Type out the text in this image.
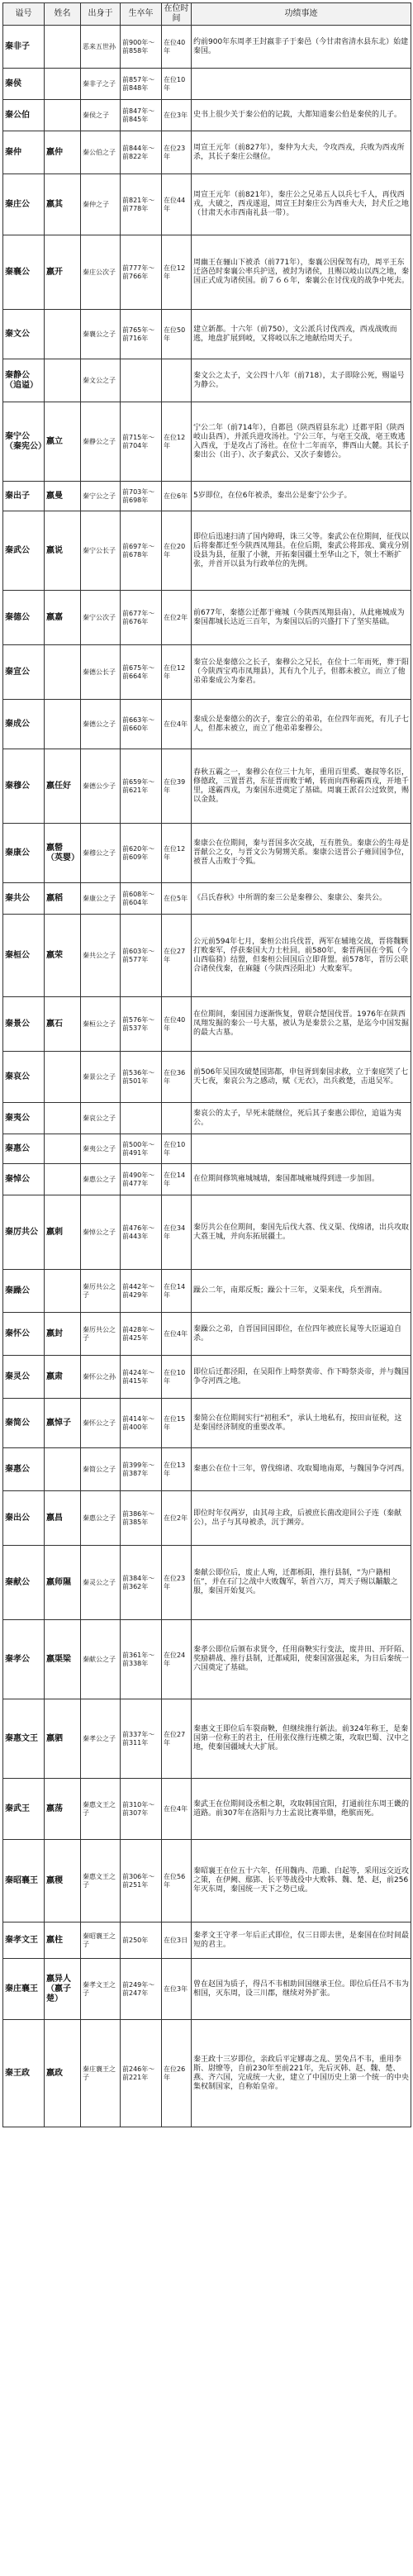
谥号	姓名	出身于	生卒年	在位时间	功绩事迹
秦非子		恶来五世孙	前900年～前858年	在位40年	约前900年东周孝王封嬴非子于秦邑（今甘肃省清水县东北）始建秦国。
秦侯		秦非子之子	前857年～前848年	在位10年	
秦公伯		秦侯之子	前847年～前845年	在位3年	史书上很少关于秦公伯的记载，大都知道秦公伯是秦侯的儿子。
秦仲	嬴仲	秦公伯之子	前844年～前822年	在位23年	周宣王元年（前827年），秦仲为大夫，令攻西戎，兵败为西戎所杀，其长子秦庄公继位。
秦庄公	嬴其	秦仲之子	前821年～前778年	在位44年	周宣王元年（前821年），秦庄公之兄弟五人以兵七千人，再伐西戎，大破之，西戎遂退，周宣王封秦庄公为西垂大夫，封犬丘之地（甘肃天水市西南礼县一带）。
秦襄公	嬴开	秦庄公次子	前777年～前766年	在位12年	周幽王在骊山下被杀（前771年），秦襄公因保驾有功，周平王东迁洛邑时秦襄公率兵护送，被封为诸侯，且赐以岐山以西之地，秦国正式成为诸侯国。前７６６年，秦襄公在讨伐戎的战争中死去。
秦文公		秦襄公之子	前765年～前716年	在位50年	建立新都。十六年（前750），文公派兵讨伐西戎，西戎战败而逃，地盘扩展到岐，又将岐以东之地献给周天子。
秦静公（追谥）		秦文公之子			秦文公之太子，文公四十八年（前718），太子即除公死，赐谥号为静公。
秦宁公（秦宪公）	嬴立	秦静公之子	前715年～前704年	在位12年	宁公二年（前714年），自都邑（陕西眉县东北）迁都平阳（陕西岐山县西），并派兵进攻汤社。宁公三年，与亳王交战，亳王败逃入西戎，于是攻占了汤社。在位十二年而卒，葬西山大麓。其长子秦出公（出子）、次子秦武公、又次子秦德公。
秦出子	嬴曼	秦宁公之子	前703年～前698年	在位6年	5岁即位，在位6年被杀，秦出公是秦宁公少子。
秦武公	嬴说	秦宁公长子	前697年～前678年	在位20年	即位后迅速扫清了国内障碍，诛三父等。秦武公在位期间，征伐以后将秦都迁至今陕西凤翔县。在位后期，秦武公将邽戎、冀戎分别设县为县，征服了小虢，开拓秦国疆土至华山之下，领土不断扩张，并首开以县为行政单位的先例。
秦德公	嬴嘉	秦宁公次子	前677年～前676年	在位2年	前677年，秦德公迁都于雍城（今陕西凤翔县南），从此雍城成为秦国都城长达近三百年，为秦国以后的兴盛打下了坚实基础。
秦宣公		秦德公长子	前675年～前664年	在位12年	秦宣公是秦德公之长子，秦穆公之兄长，在位十二年而死，葬于阳（今陕西宝鸡市凤翔县），其有九个儿子，但都未被立，而立了他弟弟秦成公为秦君。
秦成公		秦德公之子	前663年～前660年	在位4年	秦成公是秦德公的次子，秦宣公的弟弟，在位四年而死，有儿子七人，但都未被立，而立了他弟弟秦穆公。
秦穆公	嬴任好	秦德公少子	前659年～前621年	在位39年	春秋五霸之一，秦穆公在位三十九年，重用百里奚、蹇叔等名臣，修德政，三置晋君，东征晋而败于崤，转而向西称霸西戎，开地千里，遂霸西戎，为秦国东进奠定了基础。周襄王派召公过致贺，赐以金鼓。
秦康公	嬴罃（英婴）	秦穆公之子	前620年～前609年	在位12年	秦康公在位期间，秦与晋国多次交战，互有胜负。秦康公的生母是晋献公之女，与晋文公为舅甥关系。秦康公送晋公子雍回国争位，被晋人击败于令狐。
秦共公	嬴稻	秦康公之子	前608年～前604年	在位5年	《吕氏春秋》中所谓的秦三公是秦穆公、秦康公、秦共公。
秦桓公	嬴荣	秦共公之子	前603年～前577年	在位27年	公元前594年七月，秦桓公出兵伐晋，两军在辅地交战，晋将魏颗打败秦军，俘获秦国大力士杜回。前580年，秦晋两国在令狐（今山西临猗）结盟，但秦桓公回国后立即背盟。前578年，晋厉公联合诸侯伐秦，在麻隧（今陕西泾阳北）大败秦军。
秦景公	嬴石	秦桓公之子	前576年～前537年	在位40年	在位期间，秦国国力逐渐恢复，曾联合楚国伐晋。1976年在陕西凤翔发掘的秦公一号大墓，被认为是秦景公之墓，是迄今中国发掘的最大古墓。
秦哀公		秦景公之子	前536年～前501年	在位36年	前506年吴国攻破楚国郢都，申包胥到秦国求救，立于秦庭哭了七天七夜，秦哀公为之感动，赋《无衣》，出兵救楚，击退吴军。
秦夷公		秦哀公之子			秦哀公的太子，早死未能继位，死后其子秦惠公即位，追谥为夷公。
秦惠公		秦夷公之子	前500年～前491年	在位10年	
秦悼公		秦惠公之子	前490年～前477年	在位14年	在位期间修筑雍城城墙，秦国都城雍城得到进一步加固。
秦厉共公	嬴刺	秦悼公之子	前476年～前443年	在位34年	秦厉共公在位期间，秦国先后伐大荔、伐义渠、伐绵诸，出兵攻取大荔王城，并向东拓展疆土。
秦躁公		秦厉共公之子	前442年～前429年	在位14年	躁公二年，南郑反叛；躁公十三年，义渠来伐，兵至渭南。
秦怀公	嬴封	秦厉共公之子	前428年～前425年	在位4年	秦躁公之弟，自晋国回国即位，在位四年被庶长晁等大臣逼迫自杀。
秦灵公	嬴肃	秦怀公之孙	前424年～前415年	在位10年	即位后迁都泾阳，在吴阳作上畤祭黄帝、作下畤祭炎帝，并与魏国争夺河西之地。
秦简公	嬴悼子	秦怀公之子	前414年～前400年	在位15年	秦简公在位期间实行“初租禾”，承认土地私有，按田亩征税，这是秦国经济制度的重要改革。
秦惠公		秦简公之子	前399年～前387年	在位13年	秦惠公在位十三年，曾伐绵诸、攻取蜀地南郑，与魏国争夺河西。
秦出公	嬴昌	秦惠公之子	前386年～前385年	在位2年	即位时年仅两岁，由其母主政，后被庶长菌改迎回公子连（秦献公），出子与其母被杀，沉于渊旁。
秦献公	嬴师隰	秦灵公之子	前384年～前362年	在位23年	秦献公即位后，废止人殉，迁都栎阳，推行县制，“为户籍相伍”，并在石门之战中大败魏军，斩首六万，周天子赐以黼黻之服，秦国开始复兴。
秦孝公	嬴渠梁	秦献公之子	前361年～前338年	在位24年	秦孝公即位后颁布求贤令，任用商鞅实行变法，废井田、开阡陌、奖励耕战、推行县制，迁都咸阳，使秦国富强起来，为日后秦统一六国奠定了基础。
秦惠文王	嬴驷	秦孝公之子	前337年～前311年	在位27年	秦惠文王即位后车裂商鞅，但继续推行新法。前324年称王，是秦国第一位称王的君主，任用张仪推行连横之策，攻取巴蜀、汉中之地，使秦国疆域大大扩展。
秦武王	嬴荡	秦惠文王之子	前310年～前307年	在位4年	秦武王在位期间设丞相之职，攻取韩国宜阳，打通前往东周王畿的道路。前307年在洛阳与力士孟说比赛举鼎，绝膑而死。
秦昭襄王	嬴稷	秦惠文王之子	前306年～前251年	在位56年	秦昭襄王在位五十六年，任用魏冉、范雎、白起等，采用远交近攻之策，在伊阙、鄢郢、长平等战役中大败韩、魏、楚、赵，前256年灭东周，秦国统一天下之势已成。
秦孝文王	嬴柱	秦昭襄王之子	前250年	在位3日	秦孝文王守孝一年后正式即位，仅三日即去世，是秦国在位时间最短的君主。
秦庄襄王	嬴异人（嬴子楚）	秦孝文王之子	前249年～前247年	在位3年	曾在赵国为质子，得吕不韦相助回国继承王位。即位后任吕不韦为相国，灭东周，设三川郡，继续对外扩张。
秦王政	嬴政	秦庄襄王之子	前246年～前221年	在位26年	秦王政十三岁即位，亲政后平定嫪毐之乱、罢免吕不韦，重用李斯、尉缭等，自前230年至前221年，先后灭韩、赵、魏、楚、燕、齐六国，完成统一大业，建立了中国历史上第一个统一的中央集权制国家，自称始皇帝。
